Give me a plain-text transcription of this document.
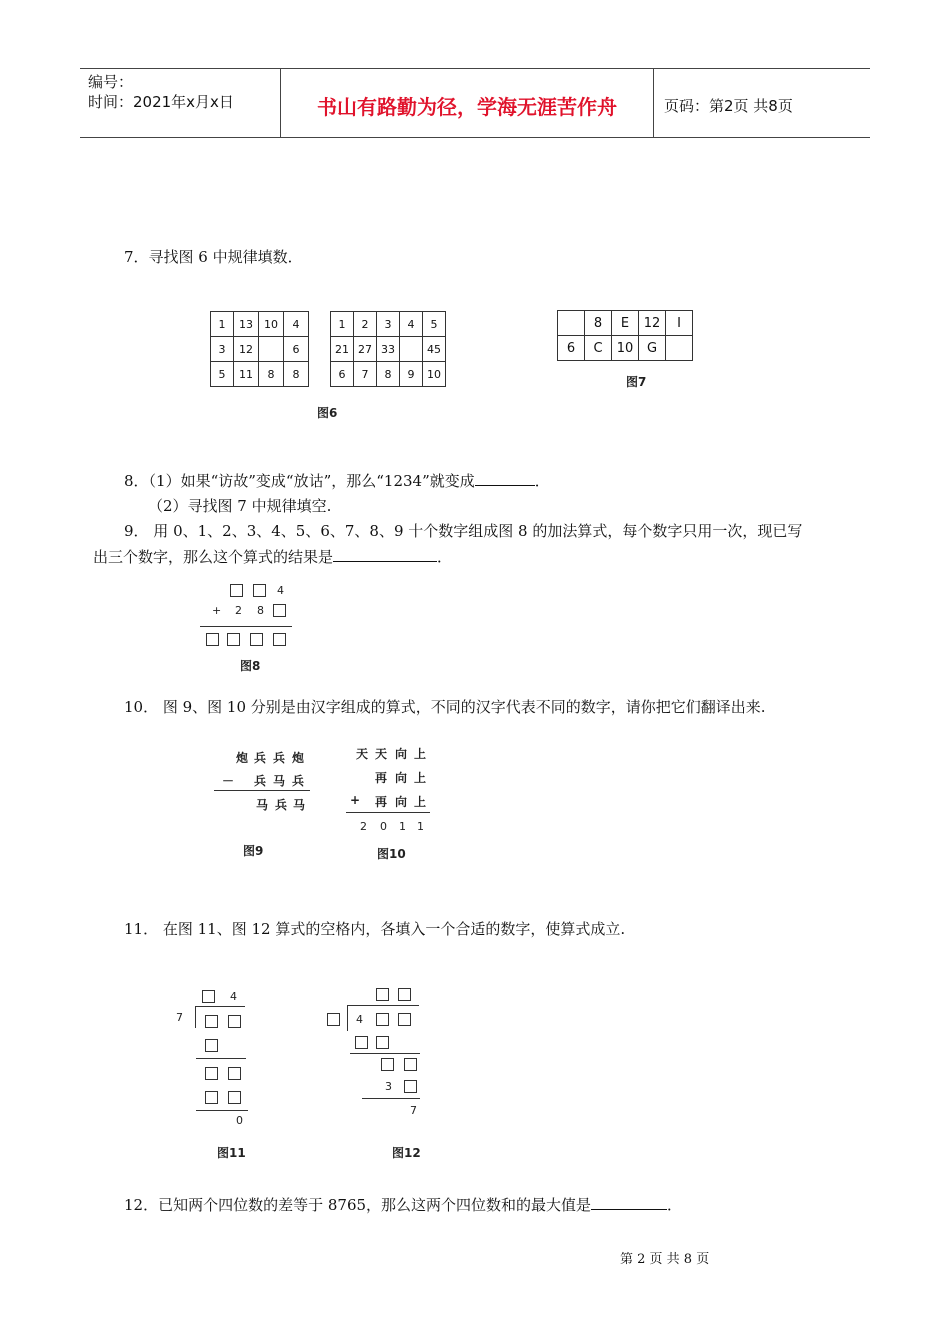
编号：
时间：2021年x月x日	书山有路勤为径，学海无涯苦作舟	页码：第2页 共8页
7．寻找图 6 中规律填数．
1	13	10	4
3	12		6
5	11	8	8
1	2	3	4	5
21	27	33		45
6	7	8	9	10
图6
	8	E	12	I
6	C	10	G	
图7
8．（1）如果“访故”变成“放诂”，那么“1234”就变成	．
（2）寻找图 7 中规律填空.
9． 用 0、1、2、3、4、5、6、7、8、9 十个数字组成图 8 的加法算式，每个数字只用一次，现已写
出三个数字，那么这个算式的结果是	．
4
+ 2 8
图8
10． 图 9、图 10 分别是由汉字组成的算式，不同的汉字代表不同的数字，请你把它们翻译出来.
炮 兵 兵 炮
－ 兵 马 兵
马 兵 马
图9
天 天 向 上
再 向 上
+ 再 向 上
2 0 1 1
图10
11． 在图 11、图 12 算式的空格内，各填入一个合适的数字，使算式成立.
4
7
0
图11
4
3
7
图12
12．已知两个四位数的差等于 8765，那么这两个四位数和的最大值是	．
第 2 页 共 8 页
